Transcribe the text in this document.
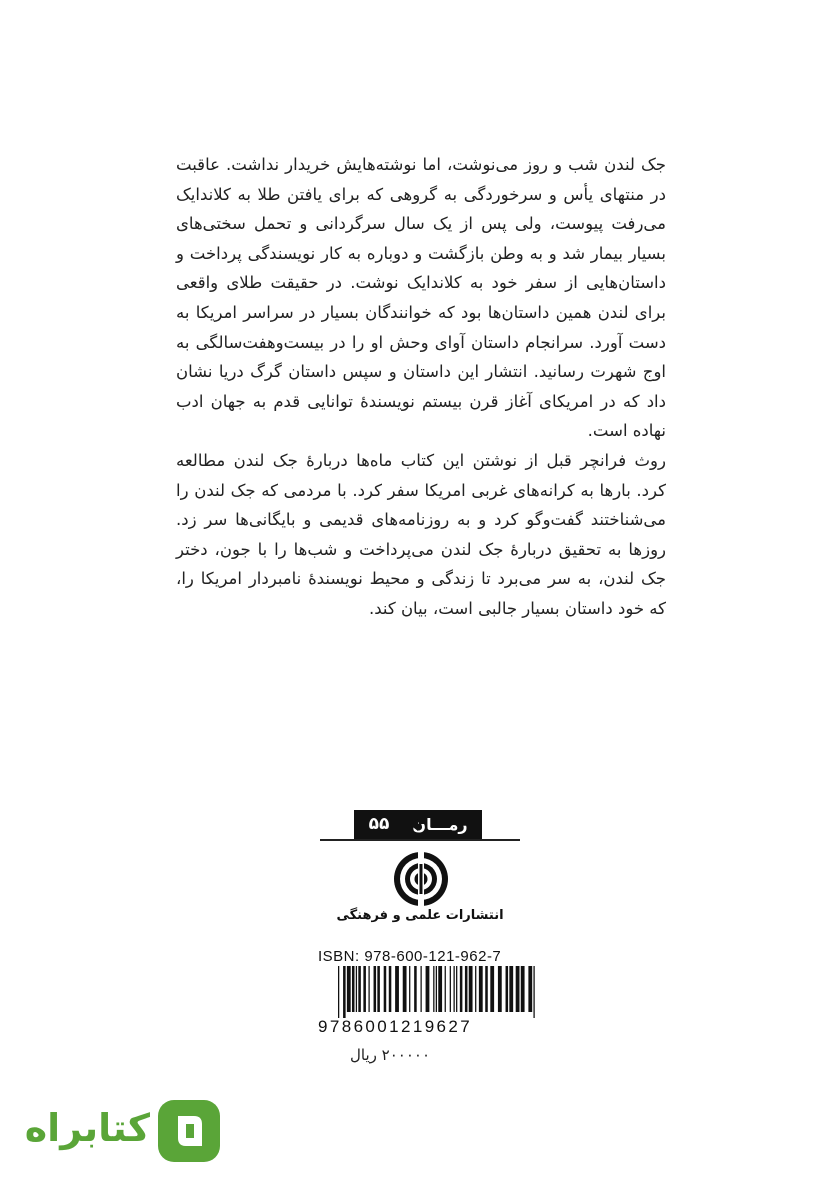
جک لندن شب و روز می‌نوشت، اما نوشته‌هایش خریدار نداشت. عاقبت در منتهای یأس و سرخوردگی به گروهی که برای یافتن طلا به کلاندایک می‌رفت پیوست، ولی پس از یک سال سرگردانی و تحمل سختی‌های بسیار بیمار شد و به وطن بازگشت و دوباره به کار نویسندگی پرداخت و داستان‌هایی از سفر خود به کلاندایک نوشت. در حقیقت طلای واقعی برای لندن همین داستان‌ها بود که خوانندگان بسیار در سراسر امریکا به دست آورد. سرانجام داستان آوای وحش او را در بیست‌وهفت‌سالگی به اوج شهرت رسانید. انتشار این داستان و سپس داستان گرگ دریا نشان داد که در امریکای آغاز قرن بیستم نویسندهٔ توانایی قدم به جهان ادب نهاده است.

روث فرانچر قبل از نوشتن این کتاب ماه‌ها دربارهٔ جک لندن مطالعه کرد. بارها به کرانه‌های غربی امریکا سفر کرد. با مردمی که جک لندن را می‌شناختند گفت‌وگو کرد و به روزنامه‌های قدیمی و بایگانی‌ها سر زد. روزها به تحقیق دربارهٔ جک لندن می‌پرداخت و شب‌ها را با جون، دختر جک لندن، به سر می‌برد تا زندگی و محیط نویسندهٔ نامبردار امریکا را، که خود داستان بسیار جالبی است، بیان کند.

رمـــان
۵۵
انتشارات علمی و فرهنگی
ISBN: 978-600-121-962-7
9786001219627
۲۰۰۰۰۰ ریال
کتابراه
